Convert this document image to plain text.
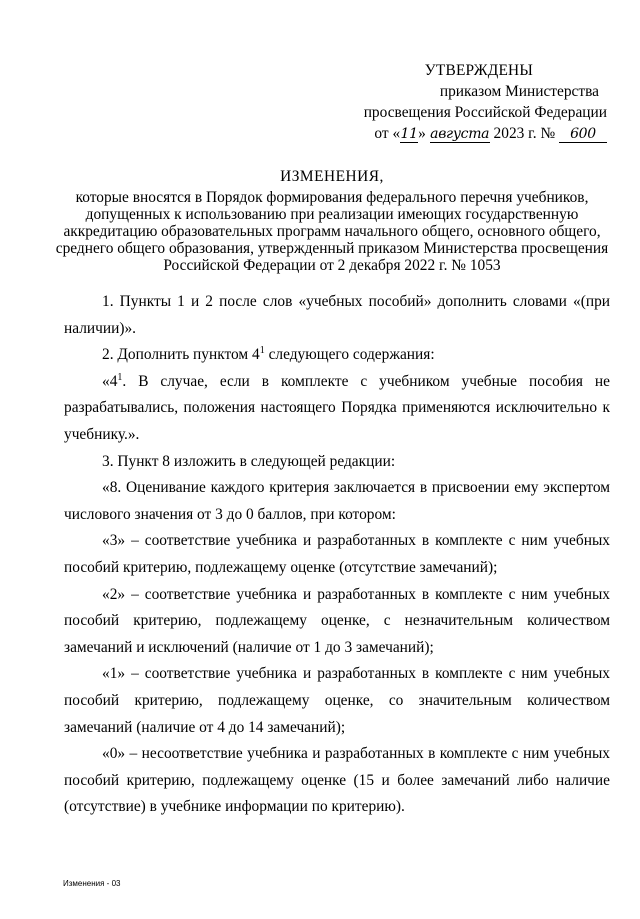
УТВЕРЖДЕНЫ
приказом Министерства
просвещения Российской Федерации
от «11» августа 2023 г. № 600
ИЗМЕНЕНИЯ,
которые вносятся в Порядок формирования федерального перечня учебников,
допущенных к использованию при реализации имеющих государственную
аккредитацию образовательных программ начального общего, основного общего,
среднего общего образования, утвержденный приказом Министерства просвещения
Российской Федерации от 2 декабря 2022 г. № 1053

1. Пункты 1 и 2 после слов «учебных пособий» дополнить словами «(при наличии)».

2. Дополнить пунктом $4^1$ следующего содержания:

«$4^1$. В случае, если в комплекте с учебником учебные пособия не разрабатывались, положения настоящего Порядка применяются исключительно к учебнику.».

3. Пункт 8 изложить в следующей редакции:

«8. Оценивание каждого критерия заключается в присвоении ему экспертом числового значения от 3 до 0 баллов, при котором:

«3» – соответствие учебника и разработанных в комплекте с ним учебных пособий критерию, подлежащему оценке (отсутствие замечаний);

«2» – соответствие учебника и разработанных в комплекте с ним учебных пособий критерию, подлежащему оценке, с незначительным количеством замечаний и исключений (наличие от 1 до 3 замечаний);

«1» – соответствие учебника и разработанных в комплекте с ним учебных пособий критерию, подлежащему оценке, со значительным количеством замечаний (наличие от 4 до 14 замечаний);

«0» – несоответствие учебника и разработанных в комплекте с ним учебных пособий критерию, подлежащему оценке (15 и более замечаний либо наличие (отсутствие) в учебнике информации по критерию).

Изменения - 03
